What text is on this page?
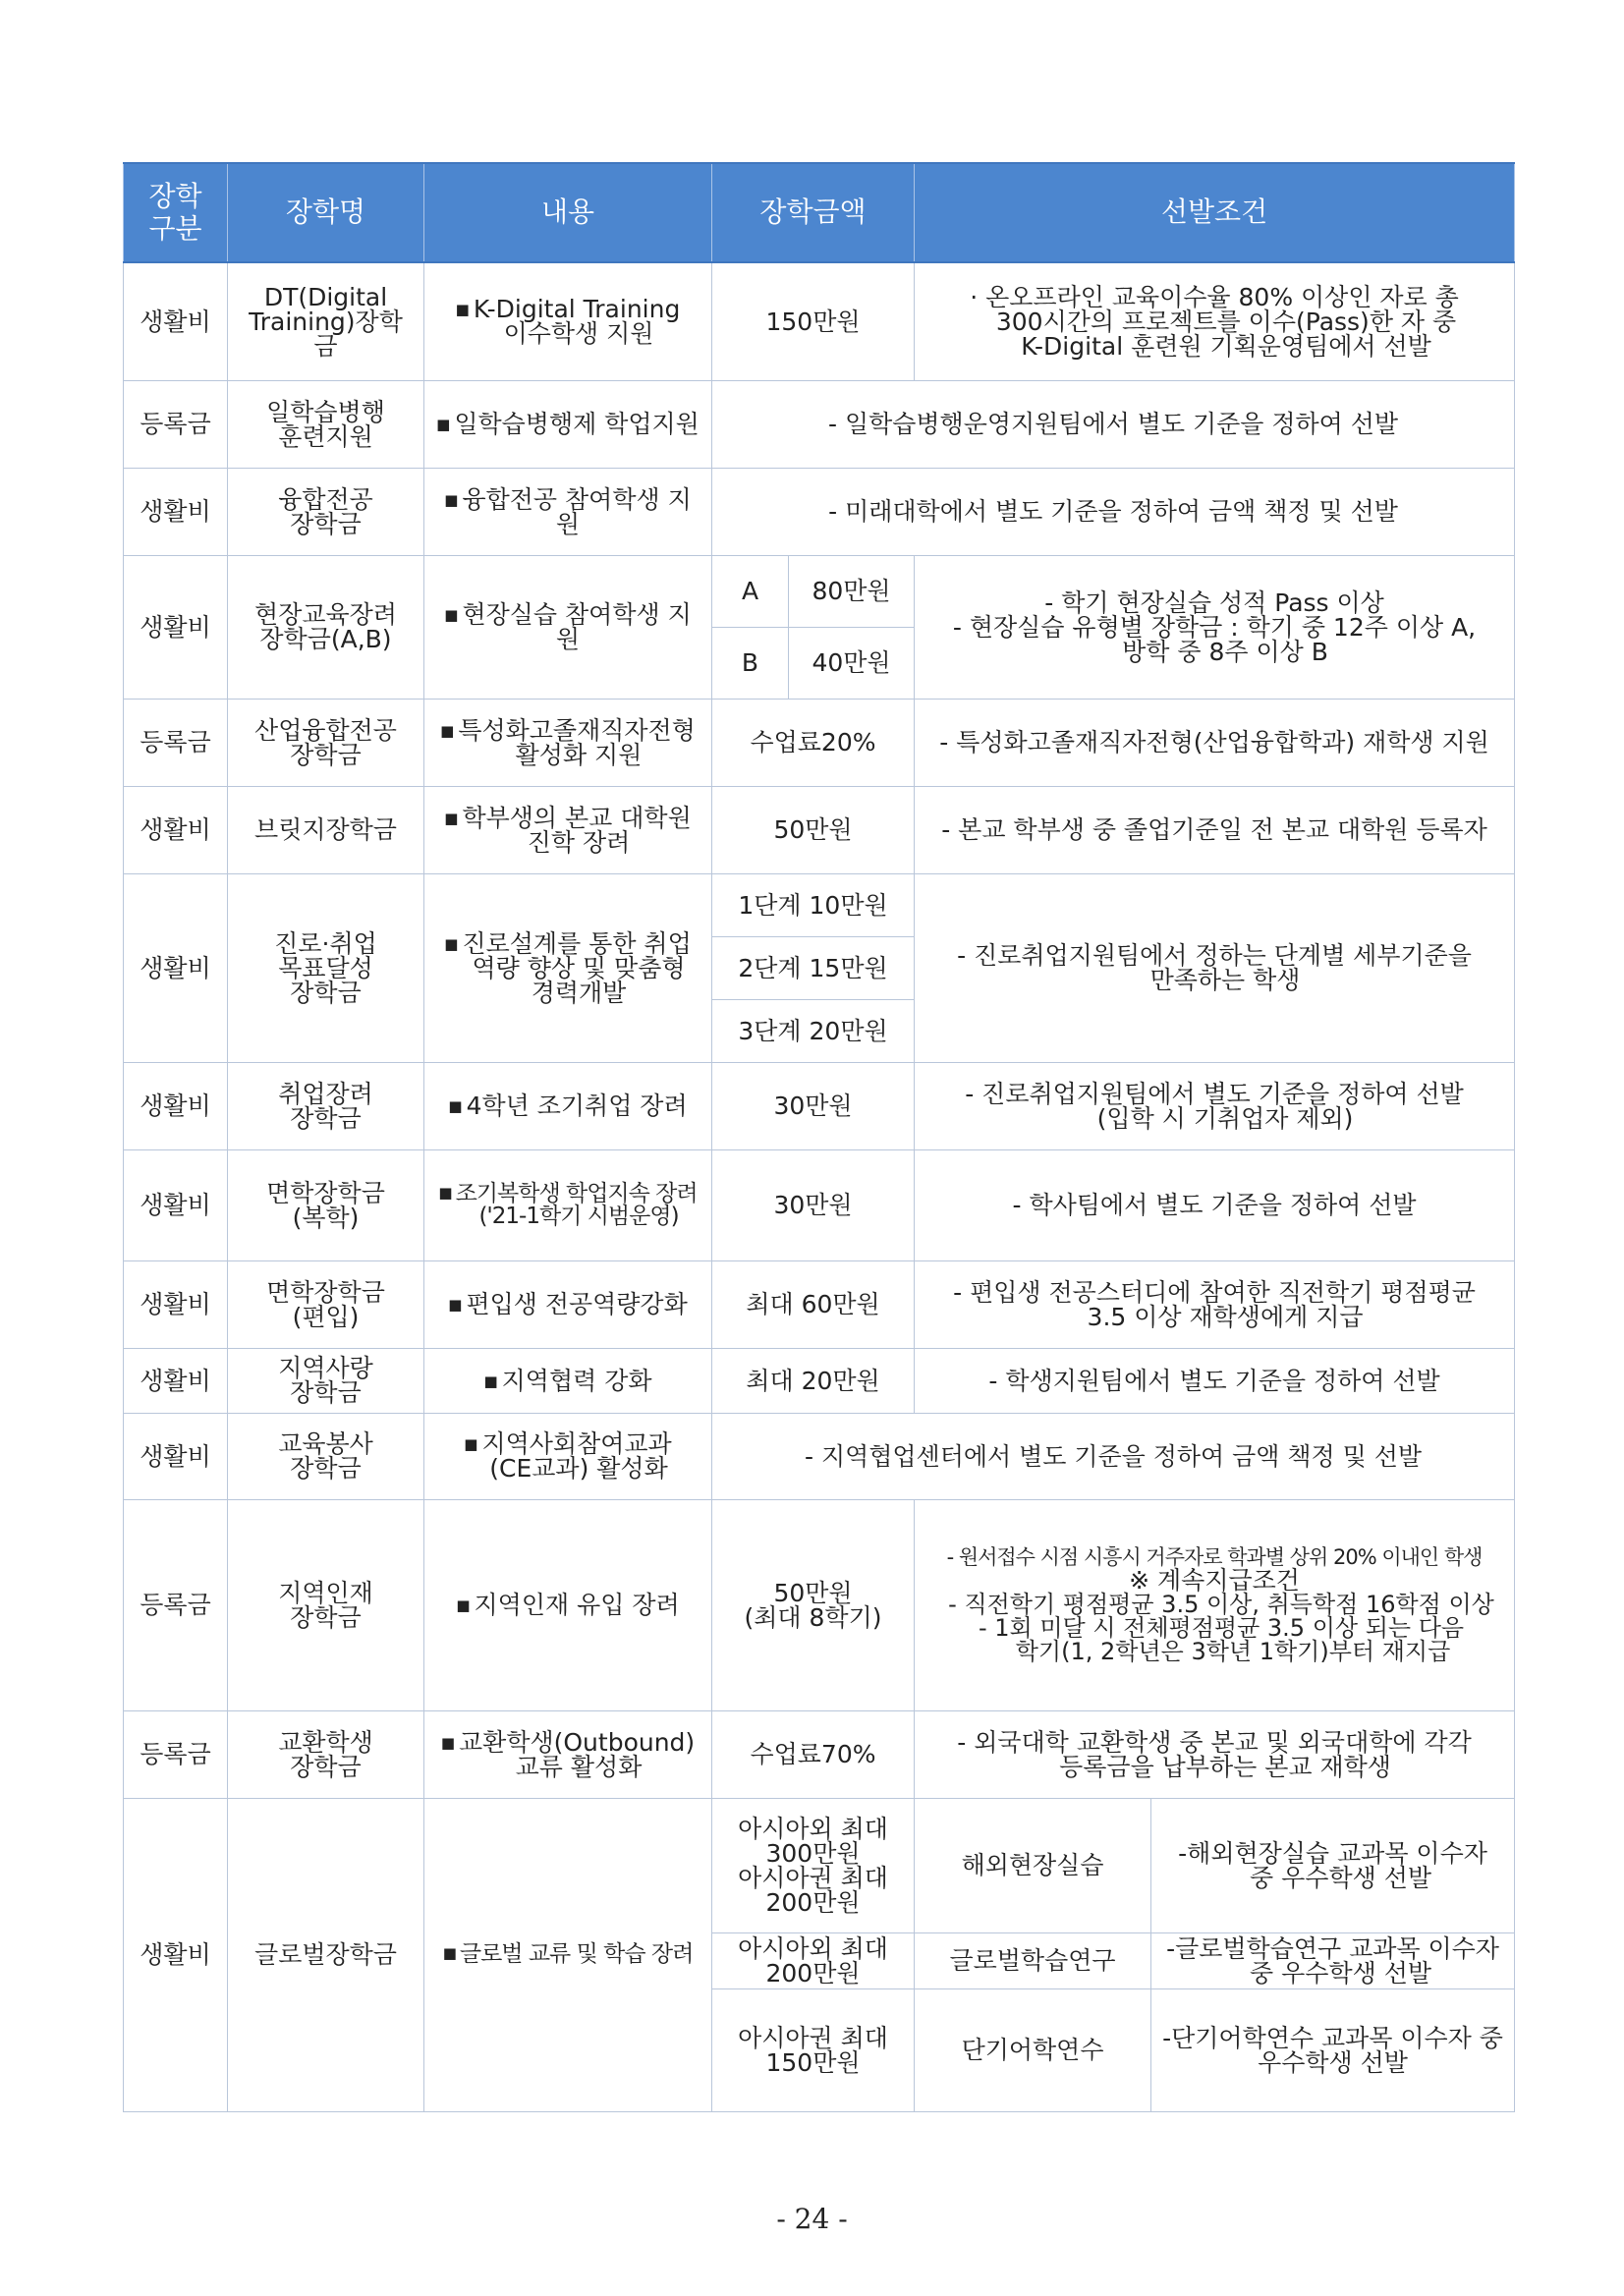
장학
구분	장학명	내용	장학금액		선발조건	
생활비	DT(Digital
Training)장학금	■ K-Digital Training
이수학생 지원	150만원		· 온오프라인 교육이수율 80% 이상인 자로 총
300시간의 프로젝트를 이수(Pass)한 자 중
K-Digital 훈련원 기획운영팀에서 선발	

등록금	일학습병행
훈련지원	■ 일학습병행제 학업지원	- 일학습병행운영지원팀에서 별도 기준을 정하여 선발			
생활비	융합전공
장학금	■ 융합전공 참여학생 지원	- 미래대학에서 별도 기준을 정하여 금액 책정 및 선발			
생활비	현장교육장려
장학금(A,B)	■ 현장실습 참여학생 지원	A	80만원	- 학기 현장실습 성적 Pass 이상
- 현장실습 유형별 장학금 : 학기 중 12주 이상 A,
방학 중 8주 이상 B	

			B	40만원		
등록금	산업융합전공
장학금	■ 특성화고졸재직자전형
활성화 지원	수업료20%		- 특성화고졸재직자전형(산업융합학과) 재학생 지원	
생활비	브릿지장학금	■ 학부생의 본교 대학원
진학 장려	50만원		- 본교 학부생 중 졸업기준일 전 본교 대학원 등록자	
생활비	진로·취업
목표달성
장학금	■ 진로설계를 통한 취업
역량 향상 및 맞춤형
경력개발	1단계 10만원		- 진로취업지원팀에서 정하는 단계별 세부기준을
만족하는 학생	

			2단계 15만원			
			3단계 20만원			
생활비	취업장려
장학금	■ 4학년 조기취업 장려	30만원		- 진로취업지원팀에서 별도 기준을 정하여 선발
(입학 시 기취업자 제외)	

생활비	면학장학금
(복학)	■ 조기복학생 학업지속 장려
('21-1학기 시범운영)	30만원		- 학사팀에서 별도 기준을 정하여 선발	
생활비	면학장학금
(편입)	■ 편입생 전공역량강화	최대 60만원		- 편입생 전공스터디에 참여한 직전학기 평점평균
3.5 이상 재학생에게 지급	

생활비	지역사랑
장학금	■ 지역협력 강화	최대 20만원		- 학생지원팀에서 별도 기준을 정하여 선발	
생활비	교육봉사
장학금	■ 지역사회참여교과
(CE교과) 활성화	- 지역협업센터에서 별도 기준을 정하여 금액 책정 및 선발			
등록금	지역인재
장학금	■ 지역인재 유입 장려	50만원
(최대 8학기)		- 원서접수 시점 시흥시 거주자로 학과별 상위 20% 이내인 학생
※ 계속지급조건
- 직전학기 평점평균 3.5 이상, 취득학점 16학점 이상
- 1회 미달 시 전체평점평균 3.5 이상 되는 다음
학기(1, 2학년은 3학년 1학기)부터 재지급	

등록금	교환학생
장학금	■ 교환학생(Outbound)
교류 활성화	수업료70%		- 외국대학 교환학생 중 본교 및 외국대학에 각각
등록금을 납부하는 본교 재학생	

생활비	글로벌장학금	■ 글로벌 교류 및 학습 장려	아시아외 최대
300만원
아시아권 최대
200만원		해외현장실습	-해외현장실습 교과목 이수자
중 우수학생 선발

			아시아외 최대
200만원		글로벌학습연구	-글로벌학습연구 교과목 이수자
중 우수학생 선발

			아시아권 최대
150만원		단기어학연수	-단기어학연수 교과목 이수자 중
우수학생 선발
- 24 -
